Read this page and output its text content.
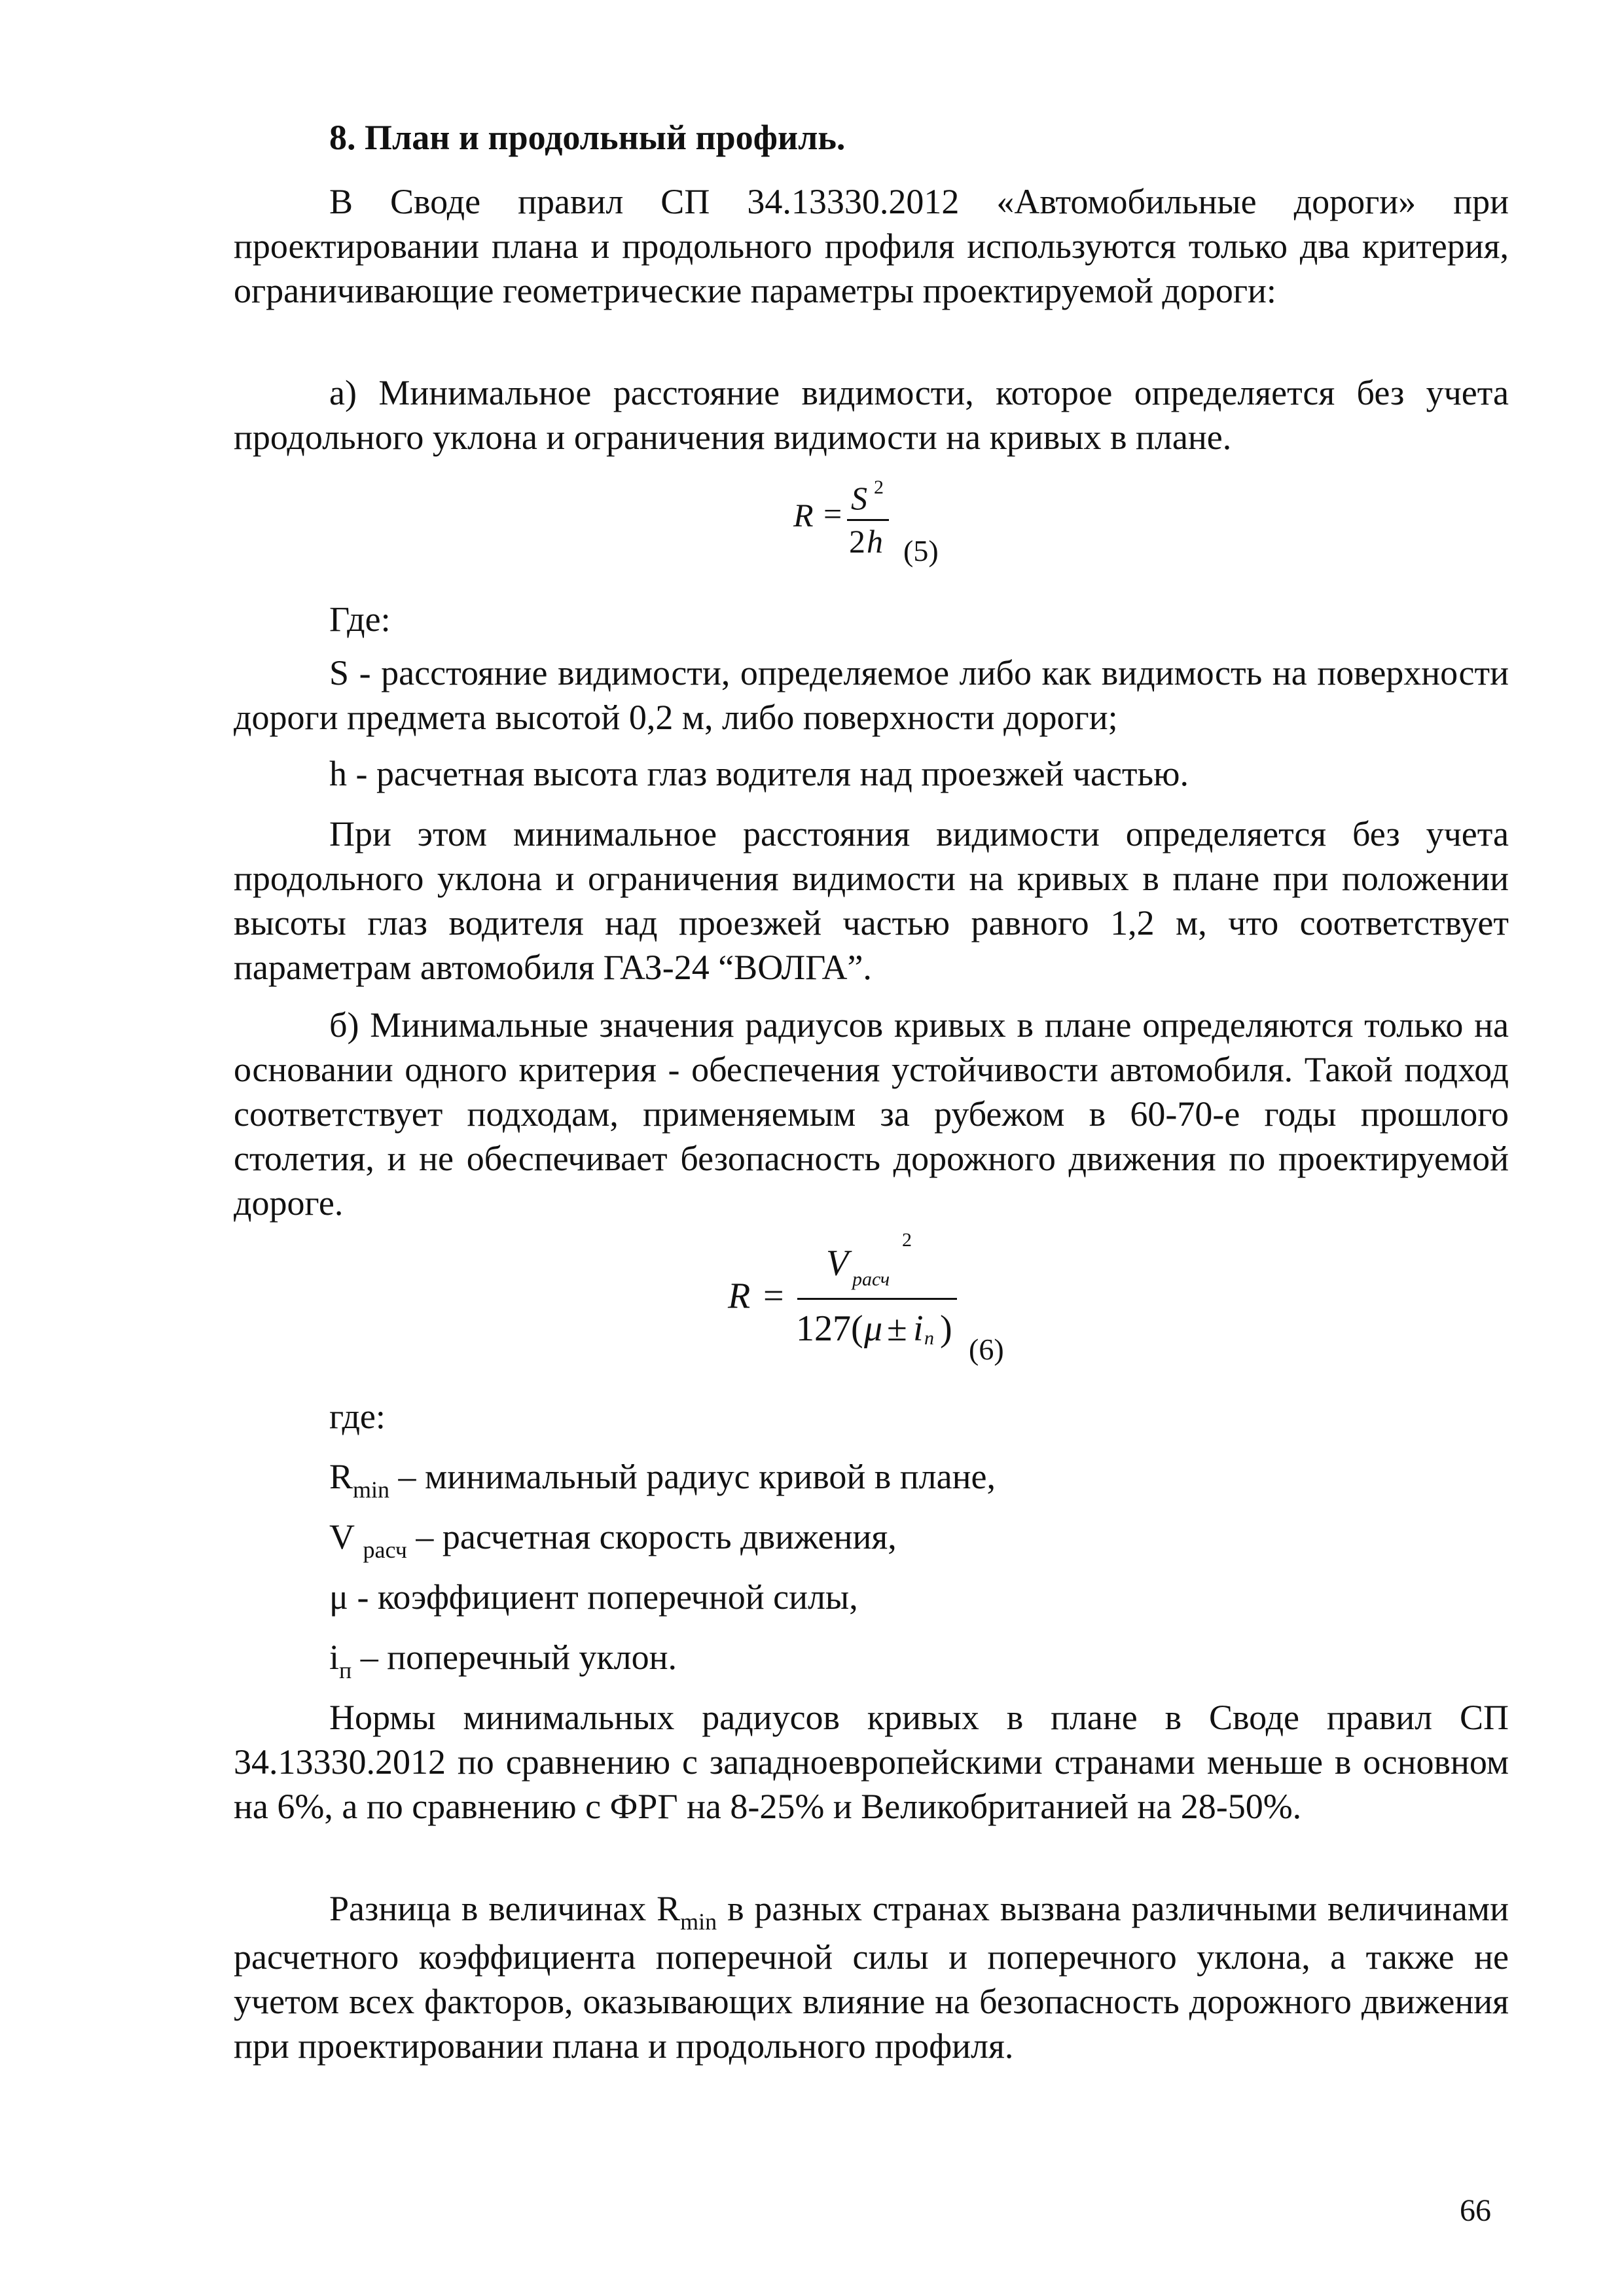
8. План и продольный профиль.
В Своде правил СП 34.13330.2012 «Автомобильные дороги» при проектировании плана и продольного профиля используются только два критерия, ограничивающие геометрические параметры проектируемой дороги:
а) Минимальное расстояние видимости, которое определяется без учета продольного уклона и ограничения видимости на кривых в плане.
R = S 2
2 h (5)
Где:
S - расстояние видимости, определяемое либо как видимость на поверхности дороги предмета высотой 0,2 м, либо поверхности дороги;
h - расчетная высота глаз водителя над проезжей частью.
При этом минимальное расстояния видимости определяется без учета продольного уклона и ограничения видимости на кривых в плане при положении высоты глаз водителя над проезжей частью равного 1,2 м, что соответствует параметрам автомобиля ГАЗ-24 “ВОЛГА”.
б) Минимальные значения радиусов кривых в плане определяются только на основании одного критерия - обеспечения устойчивости автомобиля. Такой подход соответствует подходам, применяемым за рубежом в 60-70-е годы прошлого столетия, и не обеспечивает безопасность дорожного движения по проектируемой дороге.
R =
V расч
2
127( μ ± i п )
(6)
где:
$R_{min}$ – минимальный радиус кривой в плане,
V $_{расч}$ – расчетная скорость движения,
μ - коэффициент поперечной силы,
$i_п$ – поперечный уклон.
Нормы минимальных радиусов кривых в плане в Своде правил СП 34.13330.2012 по сравнению с западноевропейскими странами меньше в основном на 6%, а по сравнению с ФРГ на 8-25% и Великобританией на 28-50%.
Разница в величинах $R_{min}$ в разных странах вызвана различными величинами расчетного коэффициента поперечной силы и поперечного уклона, а также не учетом всех факторов, оказывающих влияние на безопасность дорожного движения при проектировании плана и продольного профиля.
66
